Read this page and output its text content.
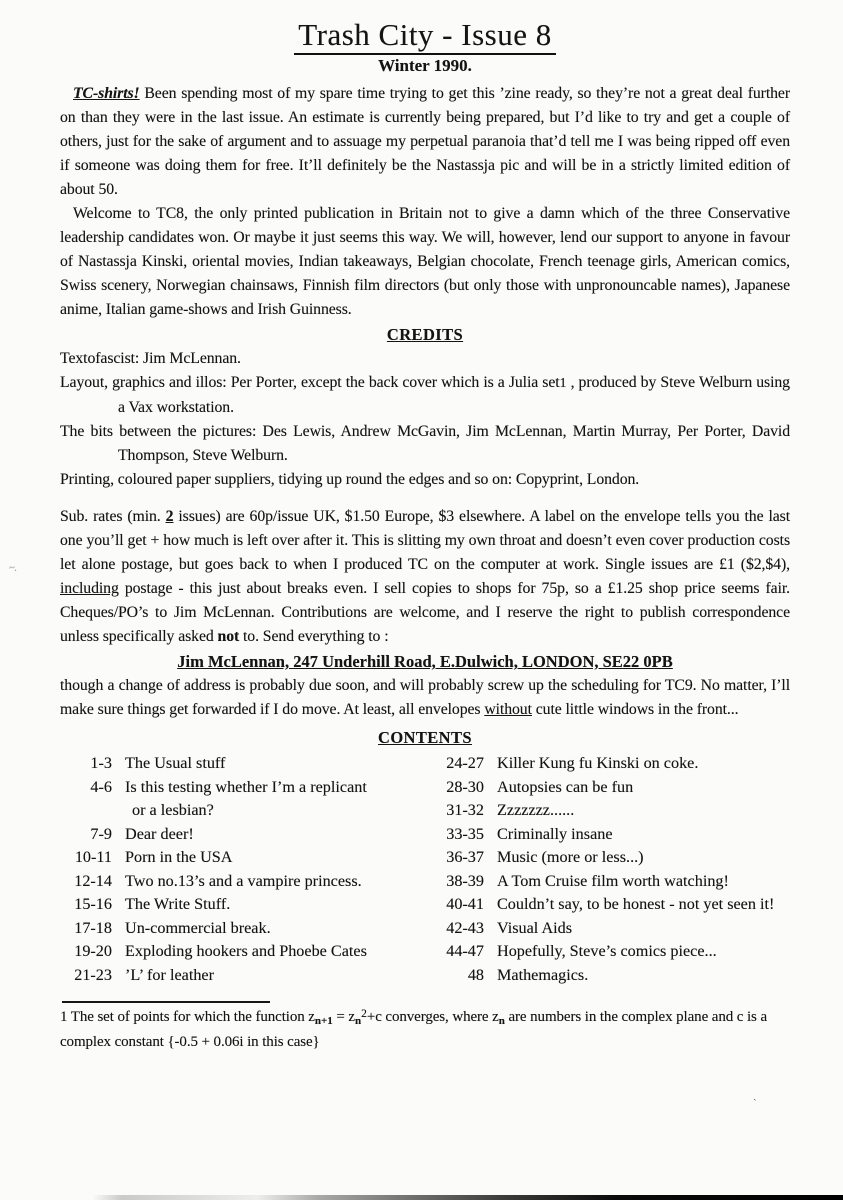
Trash City - Issue 8
Winter 1990.

TC-shirts! Been spending most of my spare time trying to get this ’zine ready, so they’re not a great deal further on than they were in the last issue. An estimate is currently being prepared, but I’d like to try and get a couple of others, just for the sake of argument and to assuage my perpetual paranoia that’d tell me I was being ripped off even if someone was doing them for free. It’ll definitely be the Nastassja pic and will be in a strictly limited edition of about 50.

Welcome to TC8, the only printed publication in Britain not to give a damn which of the three Conservative leadership candidates won. Or maybe it just seems this way. We will, however, lend our support to anyone in favour of Nastassja Kinski, oriental movies, Indian takeaways, Belgian chocolate, French teenage girls, American comics, Swiss scenery, Norwegian chainsaws, Finnish film directors (but only those with unpronouncable names), Japanese anime, Italian game-shows and Irish Guinness.

CREDITS

Textofascist: Jim McLennan.

Layout, graphics and illos: Per Porter, except the back cover which is a Julia set1 , produced by Steve Welburn using a Vax workstation.

The bits between the pictures: Des Lewis, Andrew McGavin, Jim McLennan, Martin Murray, Per Porter, David Thompson, Steve Welburn.

Printing, coloured paper suppliers, tidying up round the edges and so on: Copyprint, London.

Sub. rates (min. 2 issues) are 60p/issue UK, $1.50 Europe, $3 elsewhere. A label on the envelope tells you the last one you’ll get + how much is left over after it. This is slitting my own throat and doesn’t even cover production costs let alone postage, but goes back to when I produced TC on the computer at work. Single issues are £1 ($2,$4), including postage - this just about breaks even. I sell copies to shops for 75p, so a £1.25 shop price seems fair. Cheques/PO’s to Jim McLennan. Contributions are welcome, and I reserve the right to publish correspondence unless specifically asked not to. Send everything to :

Jim McLennan, 247 Underhill Road, E.Dulwich, LONDON, SE22 0PB

though a change of address is probably due soon, and will probably screw up the scheduling for TC9. No matter, I’ll make sure things get forwarded if I do move. At least, all envelopes without cute little windows in the front...

CONTENTS
1-3 The Usual stuff
4-6 Is this testing whether I’m a replicant
or a lesbian?
7-9 Dear deer!
10-11 Porn in the USA
12-14 Two no.13’s and a vampire princess.
15-16 The Write Stuff.
17-18 Un-commercial break.
19-20 Exploding hookers and Phoebe Cates
21-23 ’L’ for leather
24-27 Killer Kung fu Kinski on coke.
28-30 Autopsies can be fun
31-32 Zzzzzzz......
33-35 Criminally insane
36-37 Music (more or less...)
38-39 A Tom Cruise film worth watching!
40-41 Couldn’t say, to be honest - not yet seen it!
42-43 Visual Aids
44-47 Hopefully, Steve’s comics piece...
48 Mathemagics.

1 The set of points for which the function $z_{n+1} = z_n^2+c$ converges, where $z_n$ are numbers in the complex plane and c is a complex constant {-0.5 + 0.06i in this case}

~.
ˏ
